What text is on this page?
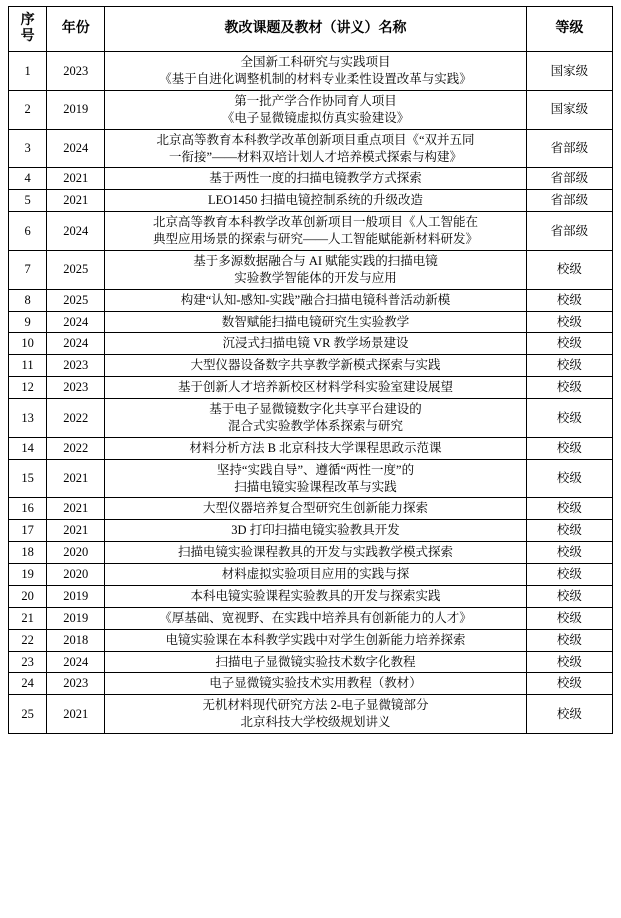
序
号	年份	教改课题及教材（讲义）名称	等级
1	2023	全国新工科研究与实践项目
《基于自进化调整机制的材料专业柔性设置改革与实践》	国家级
2	2019	第一批产学合作协同育人项目
《电子显微镜虚拟仿真实验建设》	国家级
3	2024	北京高等教育本科教学改革创新项目重点项目《“双并五同
一衔接”——材料双培计划人才培养模式探索与构建》	省部级
4	2021	基于两性一度的扫描电镜教学方式探索	省部级
5	2021	LEO1450 扫描电镜控制系统的升级改造	省部级
6	2024	北京高等教育本科教学改革创新项目一般项目《人工智能在
典型应用场景的探索与研究——人工智能赋能新材料研发》	省部级
7	2025	基于多源数据融合与 AI 赋能实践的扫描电镜
实验教学智能体的开发与应用	校级
8	2025	构建“认知-感知-实践”融合扫描电镜科普活动新模	校级
9	2024	数智赋能扫描电镜研究生实验教学	校级
10	2024	沉浸式扫描电镜 VR 教学场景建设	校级
11	2023	大型仪器设备数字共享教学新模式探索与实践	校级
12	2023	基于创新人才培养新校区材料学科实验室建设展望	校级
13	2022	基于电子显微镜数字化共享平台建设的
混合式实验教学体系探索与研究	校级
14	2022	材料分析方法 B 北京科技大学课程思政示范课	校级
15	2021	坚持“实践自导”、遵循“两性一度”的
扫描电镜实验课程改革与实践	校级
16	2021	大型仪器培养复合型研究生创新能力探索	校级
17	2021	3D 打印扫描电镜实验教具开发	校级
18	2020	扫描电镜实验课程教具的开发与实践教学模式探索	校级
19	2020	材料虚拟实验项目应用的实践与探	校级
20	2019	本科电镜实验课程实验教具的开发与探索实践	校级
21	2019	《厚基础、宽视野、在实践中培养具有创新能力的人才》	校级
22	2018	电镜实验课在本科教学实践中对学生创新能力培养探索	校级
23	2024	扫描电子显微镜实验技术数字化教程	校级
24	2023	电子显微镜实验技术实用教程（教材）	校级
25	2021	无机材料现代研究方法 2-电子显微镜部分
北京科技大学校级规划讲义	校级
